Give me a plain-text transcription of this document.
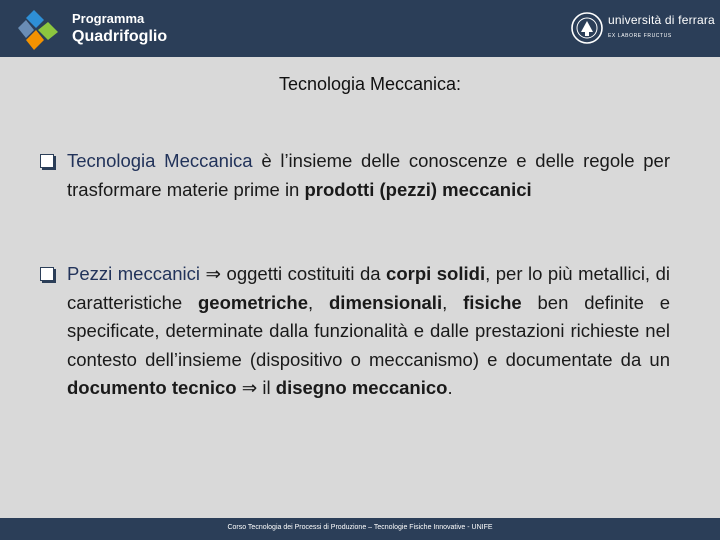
Programma
Quadrifoglio
università di ferrara
EX LABORE FRUCTUS
Tecnologia Meccanica:
Tecnologia Meccanica è l’insieme delle conoscenze e delle regole per trasformare materie prime in prodotti (pezzi) meccanici
Pezzi meccanici ⇒ oggetti costituiti da corpi solidi, per lo più metallici, di caratteristiche geometriche, dimensionali, fisiche ben definite e specificate, determinate dalla funzionalità e dalle prestazioni richieste nel contesto dell’insieme (dispositivo o meccanismo) e documentate da un documento tecnico ⇒ il disegno meccanico.
Corso Tecnologia dei Processi di Produzione – Tecnologie Fisiche Innovative - UNIFE
